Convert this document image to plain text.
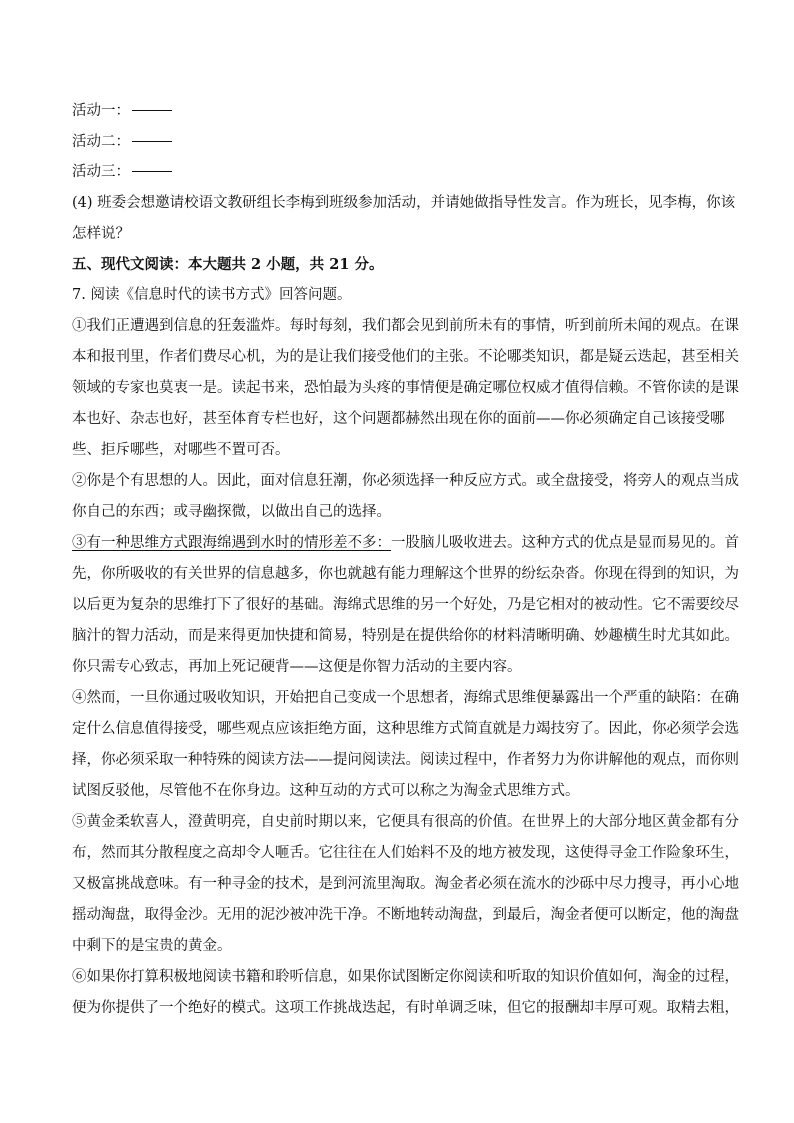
活动一：
活动二：
活动三：
(4) 班委会想邀请校语文教研组长李梅到班级参加活动，并请她做指导性发言。作为班长，见李梅，你该
怎样说？
五、现代文阅读：本大题共 2 小题，共 21 分。
7. 阅读《信息时代的读书方式》回答问题。
①我们正遭遇到信息的狂轰滥炸。每时每刻，我们都会见到前所未有的事情，听到前所未闻的观点。在课
本和报刊里，作者们费尽心机，为的是让我们接受他们的主张。不论哪类知识，都是疑云迭起，甚至相关
领域的专家也莫衷一是。读起书来，恐怕最为头疼的事情便是确定哪位权威才值得信赖。不管你读的是课
本也好、杂志也好，甚至体育专栏也好，这个问题都赫然出现在你的面前——你必须确定自己该接受哪
些、拒斥哪些，对哪些不置可否。
②你是个有思想的人。因此，面对信息狂潮，你必须选择一种反应方式。或全盘接受，将旁人的观点当成
你自己的东西；或寻幽探微，以做出自己的选择。
③有一种思维方式跟海绵遇到水时的情形差不多：一股脑儿吸收进去。这种方式的优点是显而易见的。首
先，你所吸收的有关世界的信息越多，你也就越有能力理解这个世界的纷纭杂沓。你现在得到的知识，为
以后更为复杂的思维打下了很好的基础。海绵式思维的另一个好处，乃是它相对的被动性。它不需要绞尽
脑汁的智力活动，而是来得更加快捷和简易，特别是在提供给你的材料清晰明确、妙趣横生时尤其如此。
你只需专心致志，再加上死记硬背——这便是你智力活动的主要内容。
④然而，一旦你通过吸收知识，开始把自己变成一个思想者，海绵式思维便暴露出一个严重的缺陷：在确
定什么信息值得接受，哪些观点应该拒绝方面，这种思维方式简直就是力竭技穷了。因此，你必须学会选
择，你必须采取一种特殊的阅读方法——提问阅读法。阅读过程中，作者努力为你讲解他的观点，而你则
试图反驳他，尽管他不在你身边。这种互动的方式可以称之为淘金式思维方式。
⑤黄金柔软喜人，澄黄明亮，自史前时期以来，它便具有很高的价值。在世界上的大部分地区黄金都有分
布，然而其分散程度之高却令人咂舌。它往往在人们始料不及的地方被发现，这使得寻金工作险象环生，
又极富挑战意味。有一种寻金的技术，是到河流里淘取。淘金者必须在流水的沙砾中尽力搜寻，再小心地
摇动淘盘，取得金沙。无用的泥沙被冲洗干净。不断地转动淘盘，到最后，淘金者便可以断定，他的淘盘
中剩下的是宝贵的黄金。
⑥如果你打算积极地阅读书籍和聆听信息，如果你试图断定你阅读和听取的知识价值如何，淘金的过程，
便为你提供了一个绝好的模式。这项工作挑战迭起，有时单调乏味，但它的报酬却丰厚可观。取精去粗，
